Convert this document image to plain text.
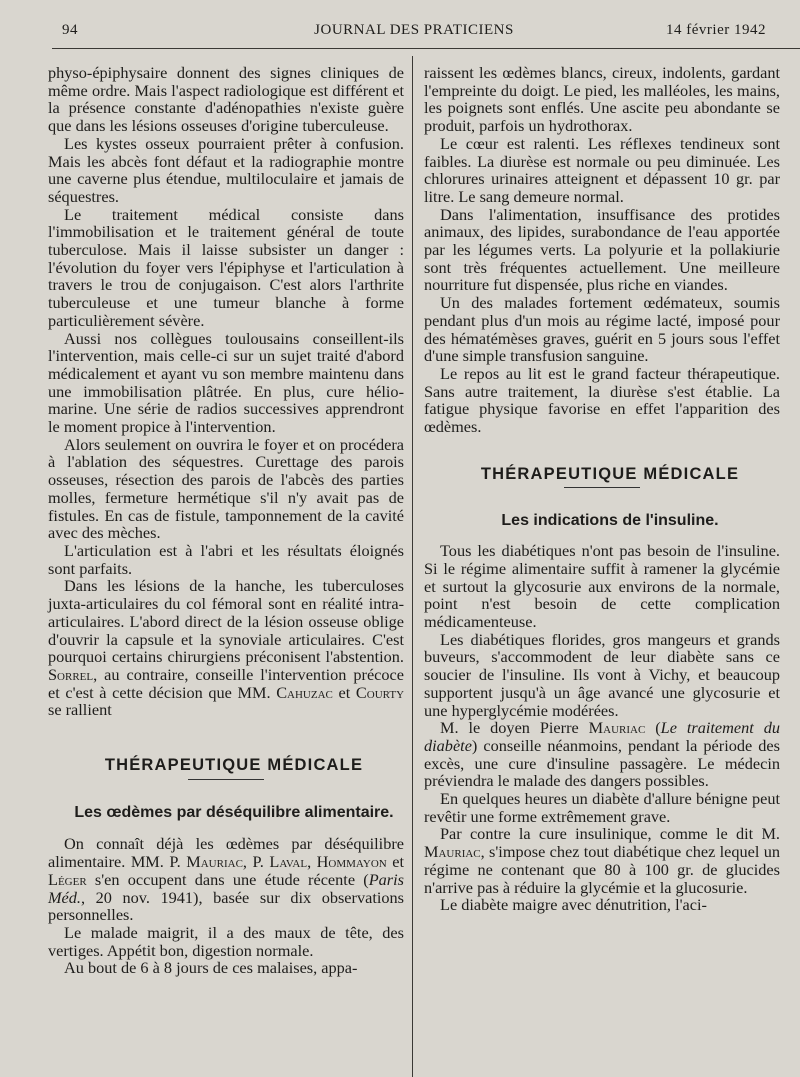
94	JOURNAL DES PRATICIENS	14 février 1942

physo-épiphysaire donnent des signes cliniques de même ordre. Mais l'aspect radiologique est différent et la présence constante d'adénopathies n'existe guère que dans les lésions osseuses d'origine tuberculeuse.

Les kystes osseux pourraient prêter à confusion. Mais les abcès font défaut et la radiographie montre une caverne plus étendue, multiloculaire et jamais de séquestres.

Le traitement médical consiste dans l'immobilisation et le traitement général de toute tuberculose. Mais il laisse subsister un danger : l'évolution du foyer vers l'épiphyse et l'articulation à travers le trou de conjugaison. C'est alors l'arthrite tuberculeuse et une tumeur blanche à forme particulièrement sévère.

Aussi nos collègues toulousains conseillent-ils l'intervention, mais celle-ci sur un sujet traité d'abord médicalement et ayant vu son membre maintenu dans une immobilisation plâtrée. En plus, cure hélio-marine. Une série de radios successives apprendront le moment propice à l'intervention.

Alors seulement on ouvrira le foyer et on procédera à l'ablation des séquestres. Curettage des parois osseuses, résection des parois de l'abcès des parties molles, fermeture hermétique s'il n'y avait pas de fistules. En cas de fistule, tamponnement de la cavité avec des mèches.

L'articulation est à l'abri et les résultats éloignés sont parfaits.

Dans les lésions de la hanche, les tuberculoses juxta-articulaires du col fémoral sont en réalité intra-articulaires. L'abord direct de la lésion osseuse oblige d'ouvrir la capsule et la synoviale articulaires. C'est pourquoi certains chirurgiens préconisent l'abstention. Sorrel, au contraire, conseille l'intervention précoce et c'est à cette décision que MM. Cahuzac et Courty se rallient

THÉRAPEUTIQUE MÉDICALE

Les œdèmes par déséquilibre alimentaire.

On connaît déjà les œdèmes par déséquilibre alimentaire. MM. P. Mauriac, P. Laval, Hommayon et Léger s'en occupent dans une étude récente (Paris Méd., 20 nov. 1941), basée sur dix observations personnelles.

Le malade maigrit, il a des maux de tête, des vertiges. Appétit bon, digestion normale.

Au bout de 6 à 8 jours de ces malaises, appa-

raissent les œdèmes blancs, cireux, indolents, gardant l'empreinte du doigt. Le pied, les malléoles, les mains, les poignets sont enflés. Une ascite peu abondante se produit, parfois un hydrothorax.

Le cœur est ralenti. Les réflexes tendineux sont faibles. La diurèse est normale ou peu diminuée. Les chlorures urinaires atteignent et dépassent 10 gr. par litre. Le sang demeure normal.

Dans l'alimentation, insuffisance des protides animaux, des lipides, surabondance de l'eau apportée par les légumes verts. La polyurie et la pollakiurie sont très fréquentes actuellement. Une meilleure nourriture fut dispensée, plus riche en viandes.

Un des malades fortement œdémateux, soumis pendant plus d'un mois au régime lacté, imposé pour des hématémèses graves, guérit en 5 jours sous l'effet d'une simple transfusion sanguine.

Le repos au lit est le grand facteur thérapeutique. Sans autre traitement, la diurèse s'est établie. La fatigue physique favorise en effet l'apparition des œdèmes.

THÉRAPEUTIQUE MÉDICALE

Les indications de l'insuline.

Tous les diabétiques n'ont pas besoin de l'insuline. Si le régime alimentaire suffit à ramener la glycémie et surtout la glycosurie aux environs de la normale, point n'est besoin de cette complication médicamenteuse.

Les diabétiques florides, gros mangeurs et grands buveurs, s'accommodent de leur diabète sans ce soucier de l'insuline. Ils vont à Vichy, et beaucoup supportent jusqu'à un âge avancé une glycosurie et une hyperglycémie modérées.

M. le doyen Pierre Mauriac (Le traitement du diabète) conseille néanmoins, pendant la période des excès, une cure d'insuline passagère. Le médecin préviendra le malade des dangers possibles.

En quelques heures un diabète d'allure bénigne peut revêtir une forme extrêmement grave.

Par contre la cure insulinique, comme le dit M. Mauriac, s'impose chez tout diabétique chez lequel un régime ne contenant que 80 à 100 gr. de glucides n'arrive pas à réduire la glycémie et la glucosurie.

Le diabète maigre avec dénutrition, l'aci-
